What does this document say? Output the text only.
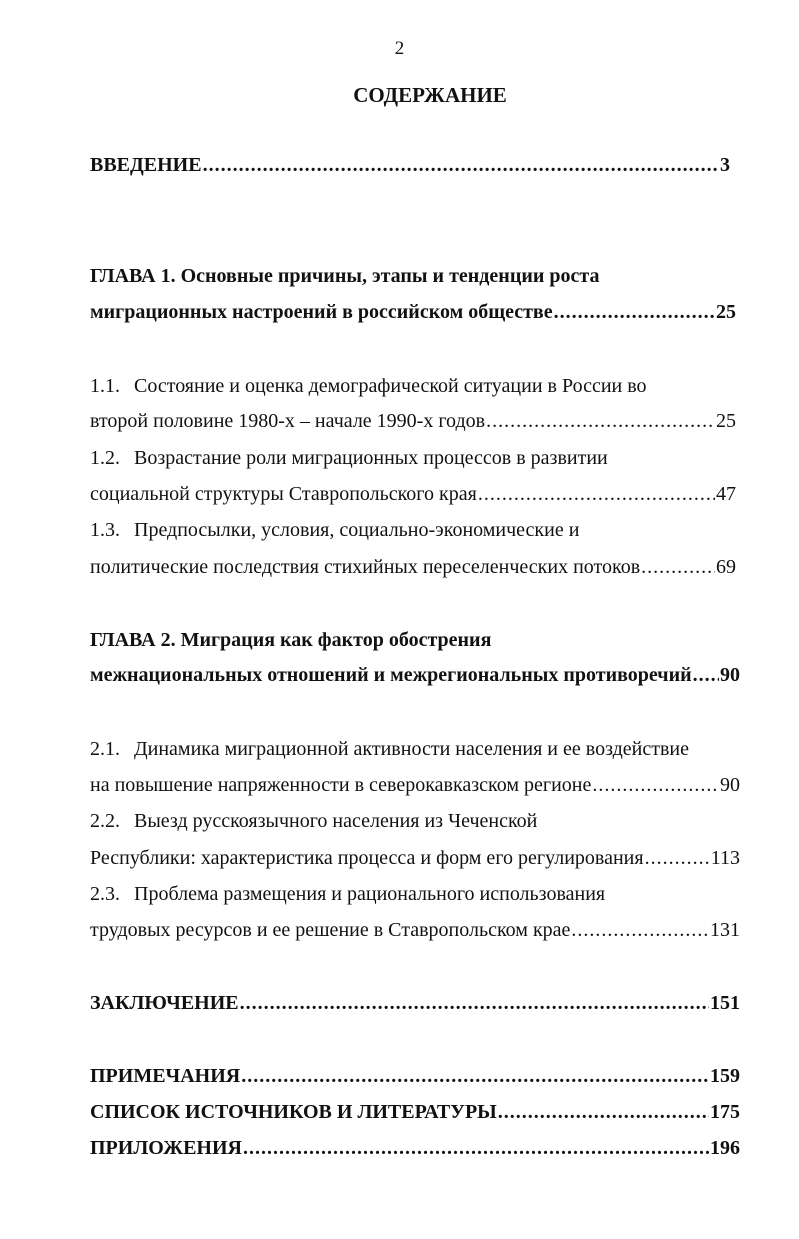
2
СОДЕРЖАНИЕ
ВВЕДЕНИЕ .....	3
ГЛАВА 1. Основные причины, этапы и тенденции роста
миграционных настроений в российском обществе .....	25
1.1. Состояние и оценка демографической ситуации в России во
второй половине 1980-х – начале 1990-х годов .....	25
1.2. Возрастание роли миграционных процессов в развитии
социальной структуры Ставропольского края .....	47
1.3. Предпосылки, условия, социально-экономические и
политические последствия стихийных переселенческих потоков .....	69
ГЛАВА 2. Миграция как фактор обострения
межнациональных отношений и межрегиональных противоречий ..... 90
2.1. Динамика миграционной активности населения и ее воздействие
на повышение напряженности в северокавказском регионе .....	90
2.2. Выезд русскоязычного населения из Чеченской
Республики: характеристика процесса и форм его регулирования .....	113
2.3. Проблема размещения и рационального использования
трудовых ресурсов и ее решение в Ставропольском крае .....	131
ЗАКЛЮЧЕНИЕ .....	151
ПРИМЕЧАНИЯ .....	159
СПИСОК ИСТОЧНИКОВ И ЛИТЕРАТУРЫ .....	175
ПРИЛОЖЕНИЯ .....	196
